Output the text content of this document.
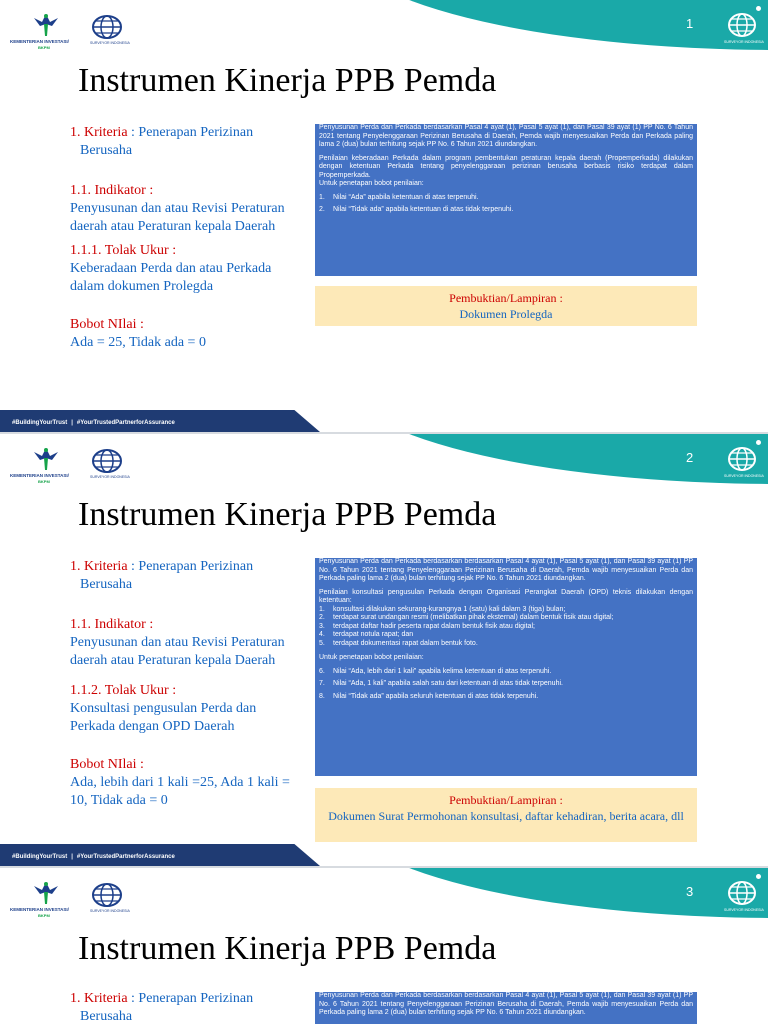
1
KEMENTERIAN INVESTASI/
BKPM
SURVEYOR INDONESIA	SURVEYOR INDONESIA
Instrumen Kinerja PPB Pemda
1. Kriteria : Penerapan Perizinan
Berusaha
1.1. Indikator :
Penyusunan dan atau Revisi Peraturan daerah atau Peraturan kepala Daerah
1.1.1. Tolak Ukur :
Keberadaan Perda dan atau Perkada dalam dokumen Prolegda
Bobot NIlai :
Ada = 25, Tidak ada = 0

Penyusunan Perda dan Perkada berdasarkan Pasal 4 ayat (1), Pasal 5 ayat (1), dan Pasal 39 ayat (1) PP No. 6 Tahun 2021 tentang Penyelenggaraan Perizinan Berusaha di Daerah, Pemda wajib menyesuaikan Perda dan Perkada paling lama 2 (dua) bulan terhitung sejak PP No. 6 Tahun 2021 diundangkan.

Penilaian keberadaan Perkada dalam program pembentukan peraturan kepala daerah (Propemperkada) dilakukan dengan ketentuan Perkada tentang penyelenggaraan perizinan berusaha berbasis risiko terdapat dalam Propemperkada.

Untuk penetapan bobot penilaian:

1. Nilai “Ada” apabila ketentuan di atas terpenuhi.
2. Nilai “Tidak ada” apabila ketentuan di atas tidak terpenuhi.
Pembuktian/Lampiran :
Dokumen Prolegda
#BuildingYourTrust | #YourTrustedPartnerforAssurance
2
KEMENTERIAN INVESTASI/
BKPM
SURVEYOR INDONESIA	SURVEYOR INDONESIA
Instrumen Kinerja PPB Pemda
1. Kriteria : Penerapan Perizinan
Berusaha
1.1. Indikator :
Penyusunan dan atau Revisi Peraturan daerah atau Peraturan kepala Daerah
1.1.2. Tolak Ukur :
Konsultasi pengusulan Perda dan Perkada dengan OPD Daerah
Bobot NIlai :
Ada, lebih dari 1 kali =25, Ada 1 kali = 10, Tidak ada = 0

Penyusunan Perda dan Perkada berdasarkan berdasarkan Pasal 4 ayat (1), Pasal 5 ayat (1), dan Pasal 39 ayat (1) PP No. 6 Tahun 2021 tentang Penyelenggaraan Perizinan Berusaha di Daerah, Pemda wajib menyesuaikan Perda dan Perkada paling lama 2 (dua) bulan terhitung sejak PP No. 6 Tahun 2021 diundangkan.

Penilaian konsultasi pengusulan Perkada dengan Organisasi Perangkat Daerah (OPD) teknis dilakukan dengan ketentuan:

1. konsultasi dilakukan sekurang-kurangnya 1 (satu) kali dalam 3 (tiga) bulan;
2. terdapat surat undangan resmi (melibatkan pihak eksternal) dalam bentuk fisik atau digital;
3. terdapat daftar hadir peserta rapat dalam bentuk fisik atau digital;
4. terdapat notula rapat; dan
5. terdapat dokumentasi rapat dalam bentuk foto.

Untuk penetapan bobot penilaian:

6. Nilai “Ada, lebih dari 1 kali” apabila kelima ketentuan di atas terpenuhi.
7. Nilai “Ada, 1 kali” apabila salah satu dari ketentuan di atas tidak terpenuhi.
8. Nilai “Tidak ada” apabila seluruh ketentuan di atas tidak terpenuhi.
Pembuktian/Lampiran :
Dokumen Surat Permohonan konsultasi, daftar kehadiran, berita acara, dll
#BuildingYourTrust | #YourTrustedPartnerforAssurance
3
KEMENTERIAN INVESTASI/
BKPM
SURVEYOR INDONESIA	SURVEYOR INDONESIA
Instrumen Kinerja PPB Pemda
1. Kriteria : Penerapan Perizinan
Berusaha

Penyusunan Perda dan Perkada berdasarkan berdasarkan Pasal 4 ayat (1), Pasal 5 ayat (1), dan Pasal 39 ayat (1) PP No. 6 Tahun 2021 tentang Penyelenggaraan Perizinan Berusaha di Daerah, Pemda wajib menyesuaikan Perda dan Perkada paling lama 2 (dua) bulan terhitung sejak PP No. 6 Tahun 2021 diundangkan.
